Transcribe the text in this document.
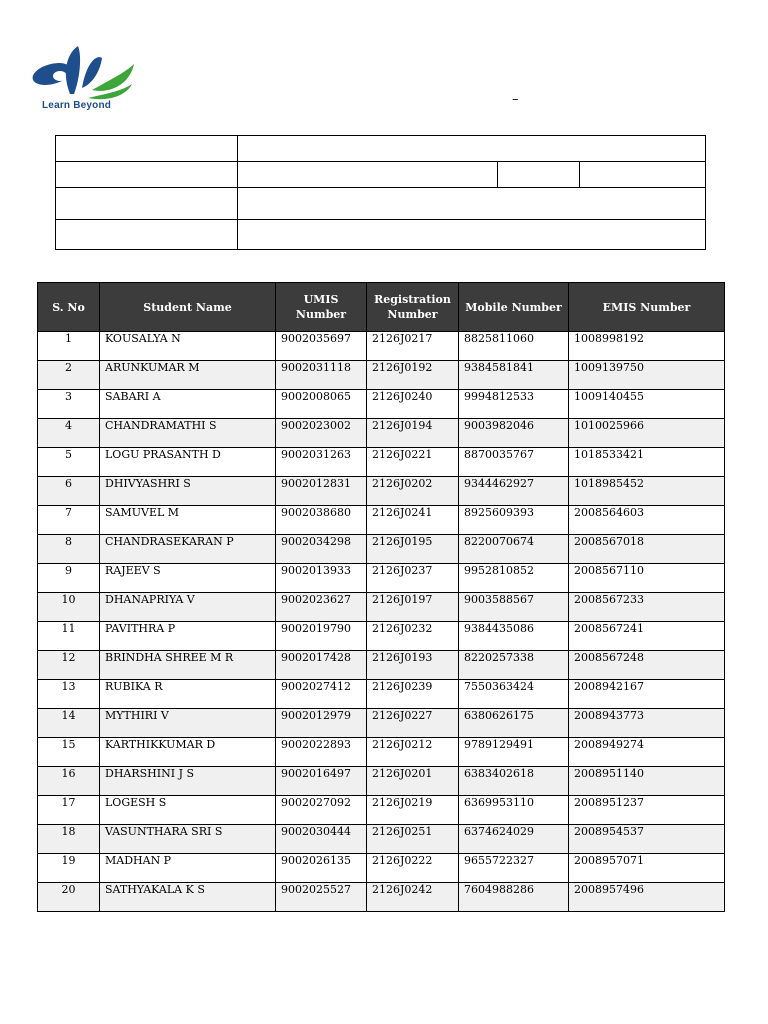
Learn Beyond	–

S. No	Student Name	UMIS Number	Registration Number	Mobile Number	EMIS Number
1	KOUSALYA N	9002035697	2126J0217	8825811060	1008998192
2	ARUNKUMAR M	9002031118	2126J0192	9384581841	1009139750
3	SABARI A	9002008065	2126J0240	9994812533	1009140455
4	CHANDRAMATHI S	9002023002	2126J0194	9003982046	1010025966
5	LOGU PRASANTH D	9002031263	2126J0221	8870035767	1018533421
6	DHIVYASHRI S	9002012831	2126J0202	9344462927	1018985452
7	SAMUVEL M	9002038680	2126J0241	8925609393	2008564603
8	CHANDRASEKARAN P	9002034298	2126J0195	8220070674	2008567018
9	RAJEEV S	9002013933	2126J0237	9952810852	2008567110
10	DHANAPRIYA V	9002023627	2126J0197	9003588567	2008567233
11	PAVITHRA P	9002019790	2126J0232	9384435086	2008567241
12	BRINDHA SHREE M R	9002017428	2126J0193	8220257338	2008567248
13	RUBIKA R	9002027412	2126J0239	7550363424	2008942167
14	MYTHIRI V	9002012979	2126J0227	6380626175	2008943773
15	KARTHIKKUMAR D	9002022893	2126J0212	9789129491	2008949274
16	DHARSHINI J S	9002016497	2126J0201	6383402618	2008951140
17	LOGESH S	9002027092	2126J0219	6369953110	2008951237
18	VASUNTHARA SRI S	9002030444	2126J0251	6374624029	2008954537
19	MADHAN P	9002026135	2126J0222	9655722327	2008957071
20	SATHYAKALA K S	9002025527	2126J0242	7604988286	2008957496
